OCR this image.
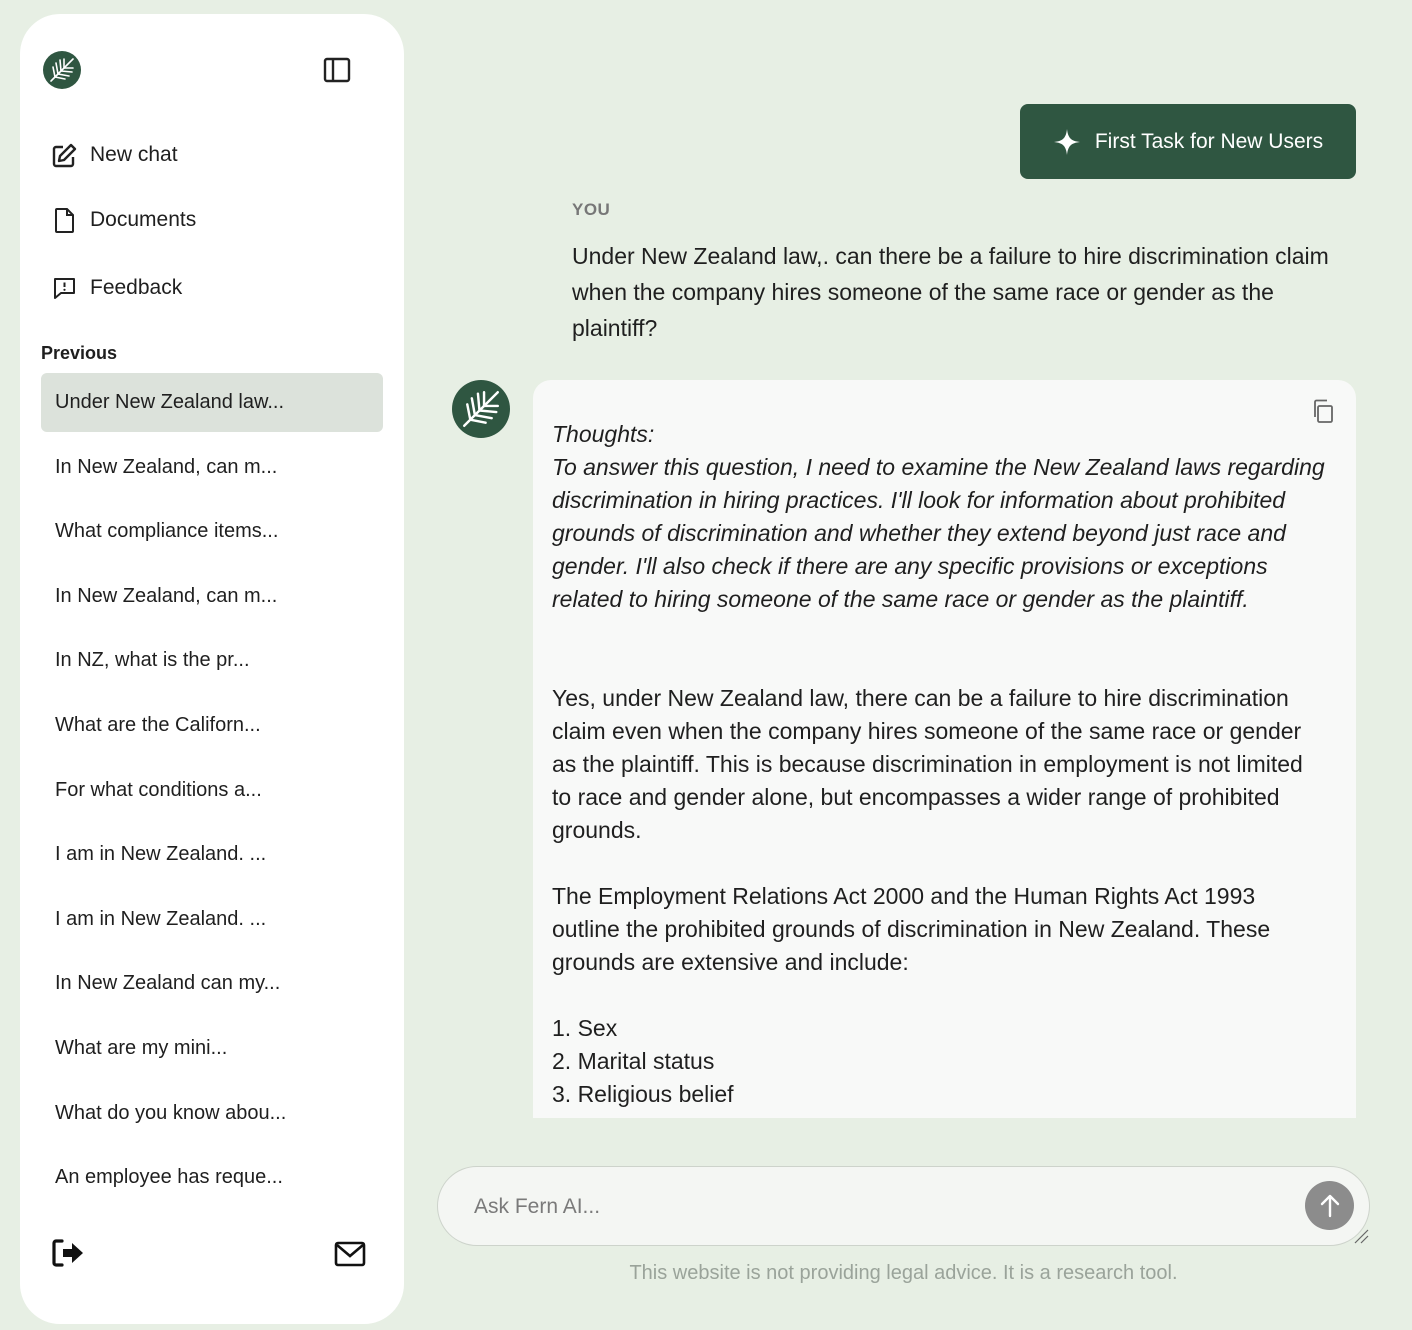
New chat
Documents
Feedback
Previous
Under New Zealand law...
In New Zealand, can m...
What compliance items...
In New Zealand, can m...
In NZ, what is the pr...
What are the Californ...
For what conditions a...
I am in New Zealand. ...
I am in New Zealand. ...
In New Zealand can my...
What are my mini...
What do you know abou...
An employee has reque...
First Task for New Users
YOU
Under New Zealand law,. can there be a failure to hire discrimination claim when the company hires someone of the same race or gender as the plaintiff?
Thoughts:
To answer this question, I need to examine the New Zealand laws regarding discrimination in hiring practices. I'll look for information about prohibited grounds of discrimination and whether they extend beyond just race and gender. I'll also check if there are any specific provisions or exceptions related to hiring someone of the same race or gender as the plaintiff.
Yes, under New Zealand law, there can be a failure to hire discrimination claim even when the company hires someone of the same race or gender as the plaintiff. This is because discrimination in employment is not limited to race and gender alone, but encompasses a wider range of prohibited grounds.

The Employment Relations Act 2000 and the Human Rights Act 1993 outline the prohibited grounds of discrimination in New Zealand. These grounds are extensive and include:

1. Sex
2. Marital status
3. Religious belief
Ask Fern AI...
This website is not providing legal advice. It is a research tool.
